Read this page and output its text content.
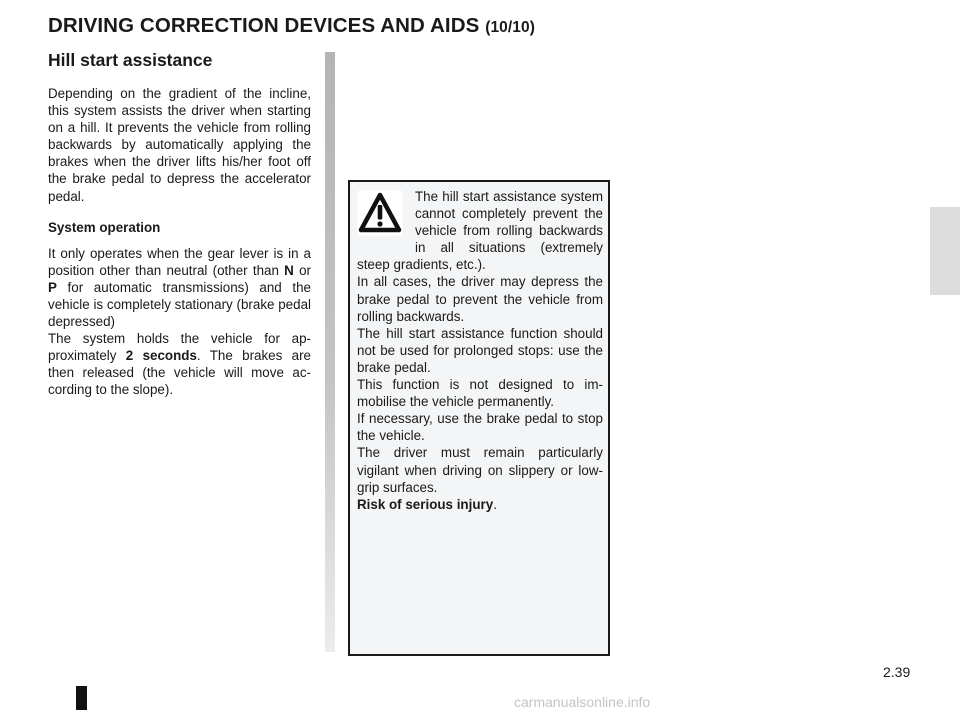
DRIVING CORRECTION DEVICES AND AIDS (10/10)
Hill start assistance

Depending on the gradient of the incline, this system assists the driver when starting on a hill. It prevents the vehicle from rolling backwards by automatically applying the brakes when the driver lifts his/her foot off the brake pedal to depress the accelerator pedal.

System operation

It only operates when the gear lever is in a position other than neutral (other than N or P for automatic transmissions) and the vehicle is completely stationary (brake pedal depressed)

The system holds the vehicle for approximately 2 seconds. The brakes are then released (the vehicle will move according to the slope).

The hill start assistance system cannot completely prevent the vehicle from rolling backwards in all situations (extremely steep gradients, etc.).
In all cases, the driver may depress the brake pedal to prevent the vehicle from rolling backwards.
The hill start assistance function should not be used for prolonged stops: use the brake pedal.
This function is not designed to immobilise the vehicle permanently.
If necessary, use the brake pedal to stop the vehicle.
The driver must remain particularly vigilant when driving on slippery or low-grip surfaces.
Risk of serious injury.
2.39
carmanualsonline.info
